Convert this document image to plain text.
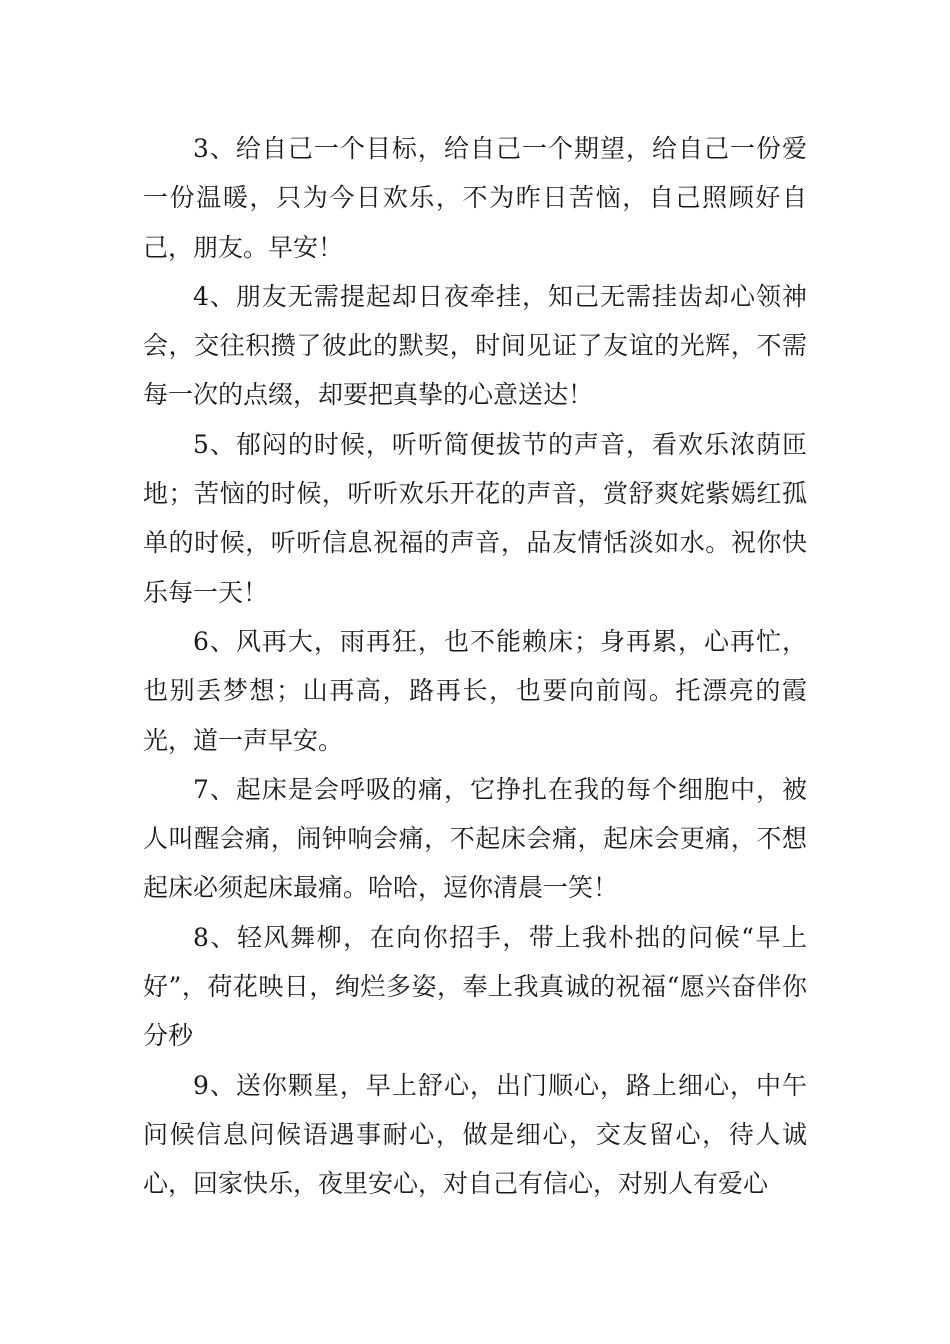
3、给自己一个目标，给自己一个期望，给自己一份爱一份温暖，只为今日欢乐，不为昨日苦恼，自己照顾好自己，朋友。早安！

4、朋友无需提起却日夜牵挂，知己无需挂齿却心领神会，交往积攒了彼此的默契，时间见证了友谊的光辉，不需每一次的点缀，却要把真挚的心意送达！

5、郁闷的时候，听听简便拔节的声音，看欢乐浓荫匝地；苦恼的时候，听听欢乐开花的声音，赏舒爽姹紫嫣红孤单的时候，听听信息祝福的声音，品友情恬淡如水。祝你快乐每一天！

6、风再大，雨再狂，也不能赖床；身再累，心再忙，也别丢梦想；山再高，路再长，也要向前闯。托漂亮的霞光，道一声早安。

7、起床是会呼吸的痛，它挣扎在我的每个细胞中，被人叫醒会痛，闹钟响会痛，不起床会痛，起床会更痛，不想起床必须起床最痛。哈哈，逗你清晨一笑！

8、轻风舞柳，在向你招手，带上我朴拙的问候“早上好”，荷花映日，绚烂多姿，奉上我真诚的祝福“愿兴奋伴你分秒

9、送你颗星，早上舒心，出门顺心，路上细心，中午问候信息问候语遇事耐心，做是细心，交友留心，待人诚心，回家快乐，夜里安心，对自己有信心，对别人有爱心
